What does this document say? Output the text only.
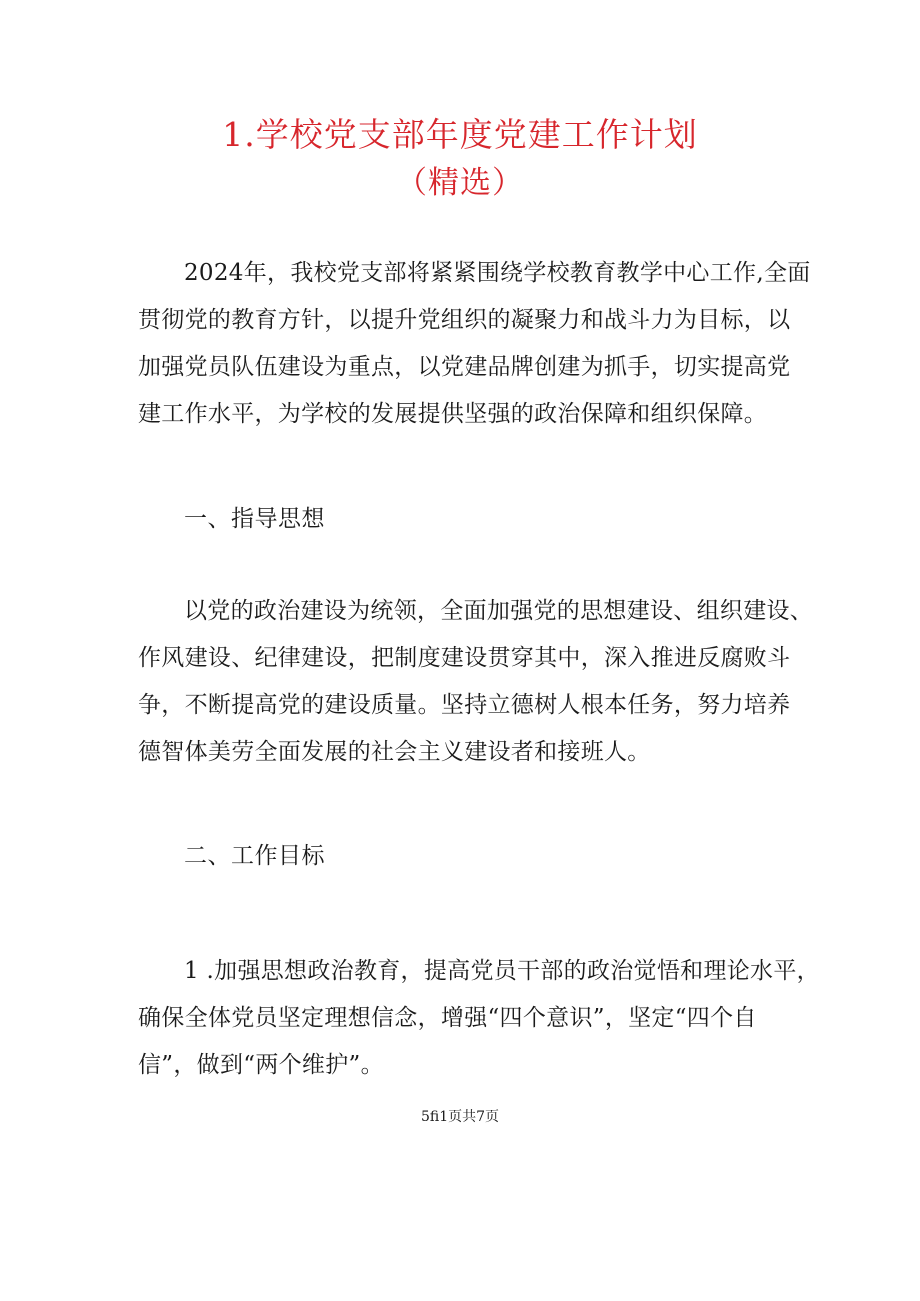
1.学校党支部年度党建工作计划
（精选）
2024年，我校党支部将紧紧围绕学校教育教学中心工作,全面
贯彻党的教育方针，以提升党组织的凝聚力和战斗力为目标，以
加强党员队伍建设为重点，以党建品牌创建为抓手，切实提高党
建工作水平，为学校的发展提供坚强的政治保障和组织保障。
一、指导思想
以党的政治建设为统领，全面加强党的思想建设、组织建设、
作风建设、纪律建设，把制度建设贯穿其中，深入推进反腐败斗
争，不断提高党的建设质量。坚持立德树人根本任务，努力培养
德智体美劳全面发展的社会主义建设者和接班人。
二、工作目标
1 .加强思想政治教育，提高党员干部的政治觉悟和理论水平，
确保全体党员坚定理想信念，增强“四个意识”，坚定“四个自
信”，做到“两个维护”。
5fi1页共7页
